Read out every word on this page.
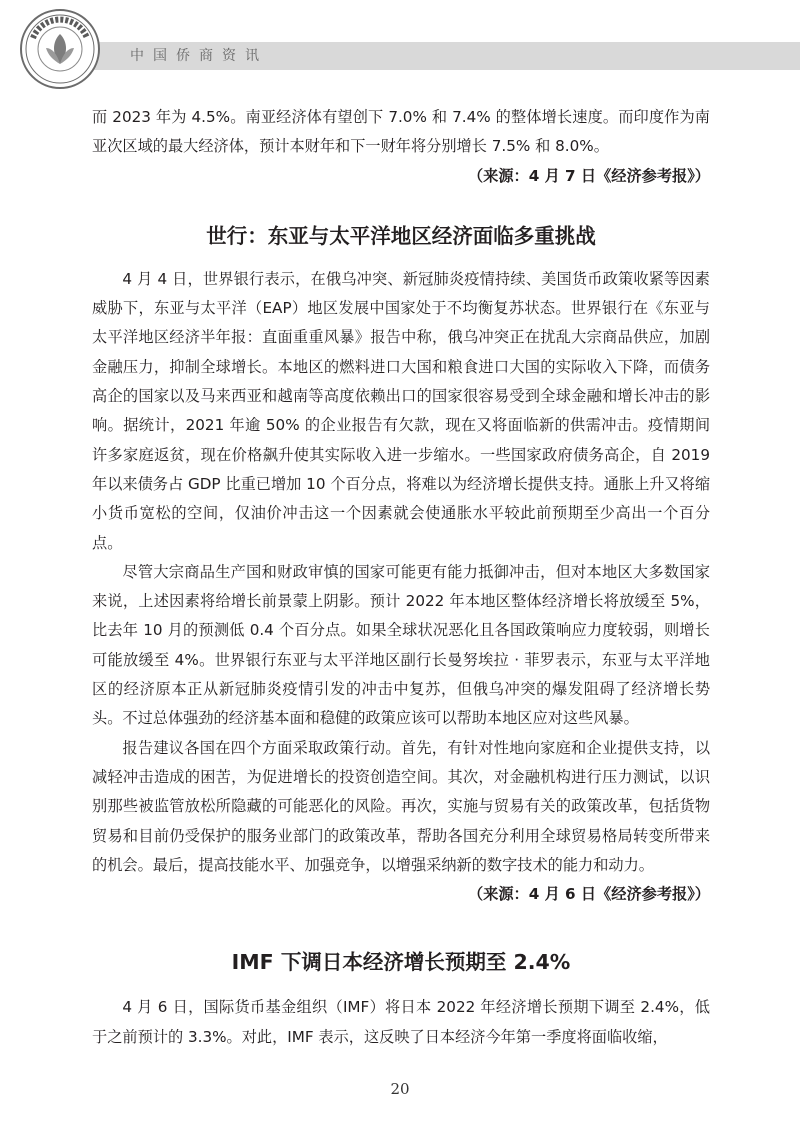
中国侨商资讯

而 2023 年为 4.5%。南亚经济体有望创下 7.0% 和 7.4% 的整体增长速度。而印度作为南亚次区域的最大经济体，预计本财年和下一财年将分别增长 7.5% 和 8.0%。

（来源：4 月 7 日《经济参考报》）

世行：东亚与太平洋地区经济面临多重挑战

4 月 4 日，世界银行表示，在俄乌冲突、新冠肺炎疫情持续、美国货币政策收紧等因素威胁下，东亚与太平洋（EAP）地区发展中国家处于不均衡复苏状态。世界银行在《东亚与太平洋地区经济半年报：直面重重风暴》报告中称，俄乌冲突正在扰乱大宗商品供应，加剧金融压力，抑制全球增长。本地区的燃料进口大国和粮食进口大国的实际收入下降，而债务高企的国家以及马来西亚和越南等高度依赖出口的国家很容易受到全球金融和增长冲击的影响。据统计，2021 年逾 50% 的企业报告有欠款，现在又将面临新的供需冲击。疫情期间许多家庭返贫，现在价格飙升使其实际收入进一步缩水。一些国家政府债务高企，自 2019 年以来债务占 GDP 比重已增加 10 个百分点，将难以为经济增长提供支持。通胀上升又将缩小货币宽松的空间，仅油价冲击这一个因素就会使通胀水平较此前预期至少高出一个百分点。

尽管大宗商品生产国和财政审慎的国家可能更有能力抵御冲击，但对本地区大多数国家来说，上述因素将给增长前景蒙上阴影。预计 2022 年本地区整体经济增长将放缓至 5%，比去年 10 月的预测低 0.4 个百分点。如果全球状况恶化且各国政策响应力度较弱，则增长可能放缓至 4%。世界银行东亚与太平洋地区副行长曼努埃拉 · 菲罗表示，东亚与太平洋地区的经济原本正从新冠肺炎疫情引发的冲击中复苏，但俄乌冲突的爆发阻碍了经济增长势头。不过总体强劲的经济基本面和稳健的政策应该可以帮助本地区应对这些风暴。

报告建议各国在四个方面采取政策行动。首先，有针对性地向家庭和企业提供支持，以减轻冲击造成的困苦，为促进增长的投资创造空间。其次，对金融机构进行压力测试，以识别那些被监管放松所隐藏的可能恶化的风险。再次，实施与贸易有关的政策改革，包括货物贸易和目前仍受保护的服务业部门的政策改革，帮助各国充分利用全球贸易格局转变所带来的机会。最后，提高技能水平、加强竞争，以增强采纳新的数字技术的能力和动力。

（来源：4 月 6 日《经济参考报》）

IMF 下调日本经济增长预期至 2.4%

4 月 6 日，国际货币基金组织（IMF）将日本 2022 年经济增长预期下调至 2.4%，低于之前预计的 3.3%。对此，IMF 表示，这反映了日本经济今年第一季度将面临收缩，

20
